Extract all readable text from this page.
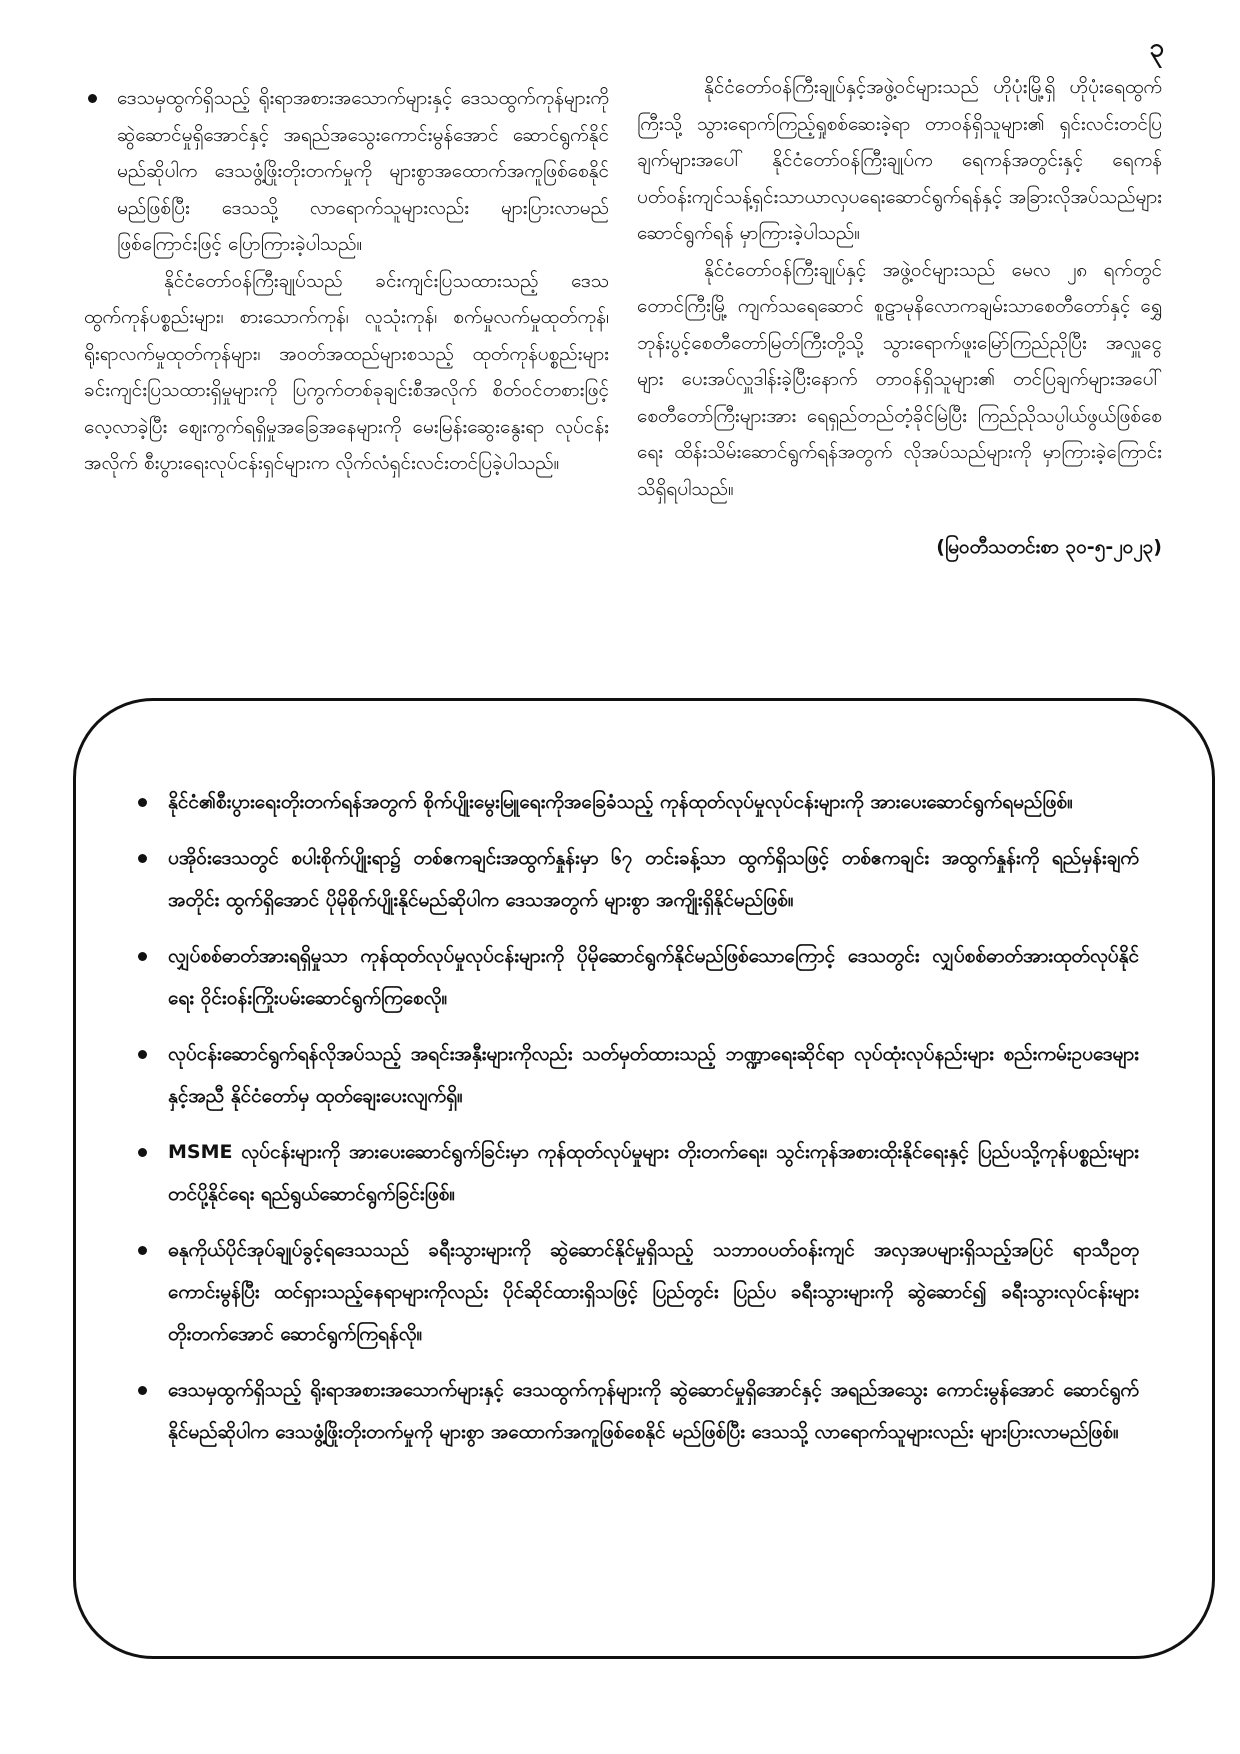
၃

ဒေသမှထွက်ရှိသည့် ရိုးရာအစားအသောက်များနှင့် ဒေသထွက်ကုန်များကို ဆွဲဆောင်မှုရှိအောင်နှင့် အရည်အသွေးကောင်းမွန်အောင် ဆောင်ရွက်နိုင်မည်ဆိုပါက ဒေသဖွံ့ဖြိုးတိုးတက်မှုကို များစွာအထောက်အကူဖြစ်စေနိုင်မည်ဖြစ်ပြီး ဒေသသို့ လာရောက်သူများလည်း များပြားလာမည်ဖြစ်ကြောင်းဖြင့် ပြောကြားခဲ့ပါသည်။

နိုင်ငံတော်ဝန်ကြီးချုပ်သည် ခင်းကျင်းပြသထားသည့် ဒေသထွက်ကုန်ပစ္စည်းများ၊ စားသောက်ကုန်၊ လူသုံးကုန်၊ စက်မှုလက်မှုထုတ်ကုန်၊ ရိုးရာလက်မှုထုတ်ကုန်များ၊ အဝတ်အထည်များစသည့် ထုတ်ကုန်ပစ္စည်းများ ခင်းကျင်းပြသထားရှိမှုများကို ပြကွက်တစ်ခုချင်းစီအလိုက် စိတ်ဝင်တစားဖြင့် လေ့လာခဲ့ပြီး ဈေးကွက်ရရှိမှုအခြေအနေများကို မေးမြန်းဆွေးနွေးရာ လုပ်ငန်းအလိုက် စီးပွားရေးလုပ်ငန်းရှင်များက လိုက်လံရှင်းလင်းတင်ပြခဲ့ပါသည်။

နိုင်ငံတော်ဝန်ကြီးချုပ်နှင့်အဖွဲ့ဝင်များသည် ဟိုပုံးမြို့ရှိ ဟိုပုံးရေထွက်ကြီးသို့ သွားရောက်ကြည့်ရှုစစ်ဆေးခဲ့ရာ တာဝန်ရှိသူများ၏ ရှင်းလင်းတင်ပြချက်များအပေါ် နိုင်ငံတော်ဝန်ကြီးချုပ်က ရေကန်အတွင်းနှင့် ရေကန်ပတ်ဝန်းကျင်သန့်ရှင်းသာယာလှပရေးဆောင်ရွက်ရန်နှင့် အခြားလိုအပ်သည်များ ဆောင်ရွက်ရန် မှာကြားခဲ့ပါသည်။

နိုင်ငံတော်ဝန်ကြီးချုပ်နှင့် အဖွဲ့ဝင်များသည် မေလ ၂၈ ရက်တွင် တောင်ကြီးမြို့ ကျက်သရေဆောင် စူဠာမုနိလောကချမ်းသာစေတီတော်နှင့် ရွှေဘုန်းပွင့်စေတီတော်မြတ်ကြီးတို့သို့ သွားရောက်ဖူးမြော်ကြည်ညိုပြီး အလှူငွေများ ပေးအပ်လှူဒါန်းခဲ့ပြီးနောက် တာဝန်ရှိသူများ၏ တင်ပြချက်များအပေါ် စေတီတော်ကြီးများအား ရေရှည်တည်တံ့ခိုင်မြဲပြီး ကြည်ညိုသပ္ပါယ်ဖွယ်ဖြစ်စေရေး ထိန်းသိမ်းဆောင်ရွက်ရန်အတွက် လိုအပ်သည်များကို မှာကြားခဲ့ကြောင်း သိရှိရပါသည်။

(မြဝတီသတင်းစာ ၃၀-၅-၂၀၂၃)

နိုင်ငံ၏စီးပွားရေးတိုးတက်ရန်အတွက် စိုက်ပျိုးမွေးမြူရေးကိုအခြေခံသည့် ကုန်ထုတ်လုပ်မှုလုပ်ငန်းများကို အားပေးဆောင်ရွက်ရမည်ဖြစ်။
ပအိုဝ်းဒေသတွင် စပါးစိုက်ပျိုးရာ၌ တစ်ဧကချင်းအထွက်နှုန်းမှာ ၆၇ တင်းခန့်သာ ထွက်ရှိသဖြင့် တစ်ဧကချင်း အထွက်နှုန်းကို ရည်မှန်းချက်အတိုင်း ထွက်ရှိအောင် ပိုမိုစိုက်ပျိုးနိုင်မည်ဆိုပါက ဒေသအတွက် များစွာ အကျိုးရှိနိုင်မည်ဖြစ်။
လျှပ်စစ်ဓာတ်အားရရှိမှုသာ ကုန်ထုတ်လုပ်မှုလုပ်ငန်းများကို ပိုမိုဆောင်ရွက်နိုင်မည်ဖြစ်သောကြောင့် ဒေသတွင်း လျှပ်စစ်ဓာတ်အားထုတ်လုပ်နိုင်ရေး ဝိုင်းဝန်းကြိုးပမ်းဆောင်ရွက်ကြစေလို။
လုပ်ငန်းဆောင်ရွက်ရန်လိုအပ်သည့် အရင်းအနှီးများကိုလည်း သတ်မှတ်ထားသည့် ဘဏ္ဍာရေးဆိုင်ရာ လုပ်ထုံးလုပ်နည်းများ စည်းကမ်းဥပဒေများနှင့်အညီ နိုင်ငံတော်မှ ထုတ်ချေးပေးလျက်ရှိ။
MSME လုပ်ငန်းများကို အားပေးဆောင်ရွက်ခြင်းမှာ ကုန်ထုတ်လုပ်မှုများ တိုးတက်ရေး၊ သွင်းကုန်အစားထိုးနိုင်ရေးနှင့် ပြည်ပသို့ကုန်ပစ္စည်းများတင်ပို့နိုင်ရေး ရည်ရွယ်ဆောင်ရွက်ခြင်းဖြစ်။
ဓနုကိုယ်ပိုင်အုပ်ချုပ်ခွင့်ရဒေသသည် ခရီးသွားများကို ဆွဲဆောင်နိုင်မှုရှိသည့် သဘာဝပတ်ဝန်းကျင် အလှအပများရှိသည့်အပြင် ရာသီဥတုကောင်းမွန်ပြီး ထင်ရှားသည့်နေရာများကိုလည်း ပိုင်ဆိုင်ထားရှိသဖြင့် ပြည်တွင်း ပြည်ပ ခရီးသွားများကို ဆွဲဆောင်၍ ခရီးသွားလုပ်ငန်းများတိုးတက်အောင် ဆောင်ရွက်ကြရန်လို။
ဒေသမှထွက်ရှိသည့် ရိုးရာအစားအသောက်များနှင့် ဒေသထွက်ကုန်များကို ဆွဲဆောင်မှုရှိအောင်နှင့် အရည်အသွေး ကောင်းမွန်အောင် ဆောင်ရွက်နိုင်မည်ဆိုပါက ဒေသဖွံ့ဖြိုးတိုးတက်မှုကို များစွာ အထောက်အကူဖြစ်စေနိုင် မည်ဖြစ်ပြီး ဒေသသို့ လာရောက်သူများလည်း များပြားလာမည်ဖြစ်။
